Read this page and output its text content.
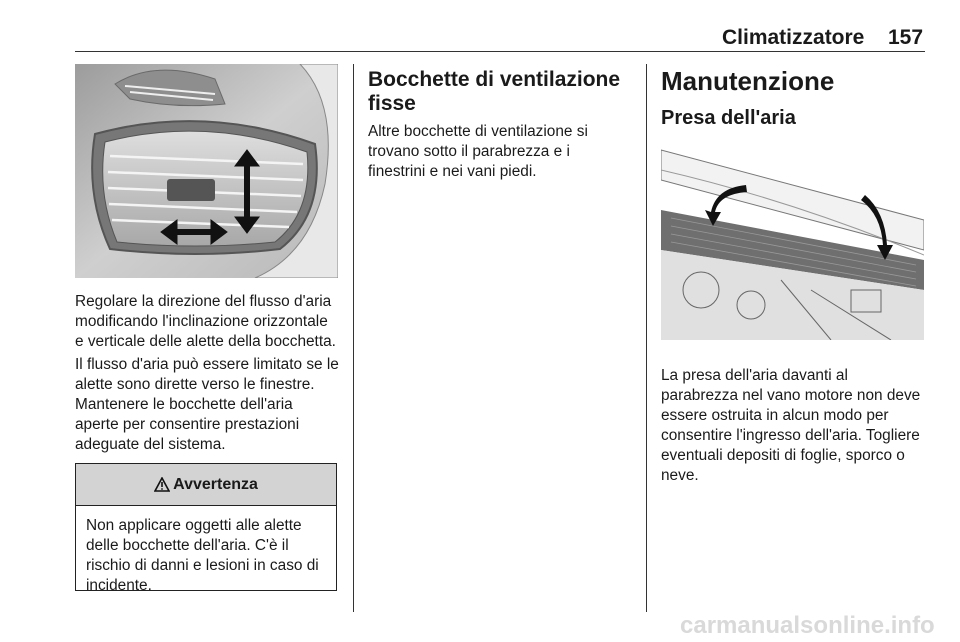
Climatizzatore 157

Regolare la direzione del flusso d'aria modificando l'inclinazione orizzontale e verticale delle alette della bocchetta.

Il flusso d'aria può essere limitato se le alette sono dirette verso le finestre. Mantenere le bocchette dell'aria aperte per consentire prestazioni adeguate del sistema.

Avvertenza
Non applicare oggetti alle alette delle bocchette dell'aria. C'è il rischio di danni e lesioni in caso di incidente.
Bocchette di ventilazione fisse
Altre bocchette di ventilazione si trovano sotto il parabrezza e i finestrini e nei vani piedi.
Manutenzione
Presa dell'aria
La presa dell'aria davanti al parabrezza nel vano motore non deve essere ostruita in alcun modo per consentire l'ingresso dell'aria. Togliere eventuali depositi di foglie, sporco o neve.
carmanualsonline.info
